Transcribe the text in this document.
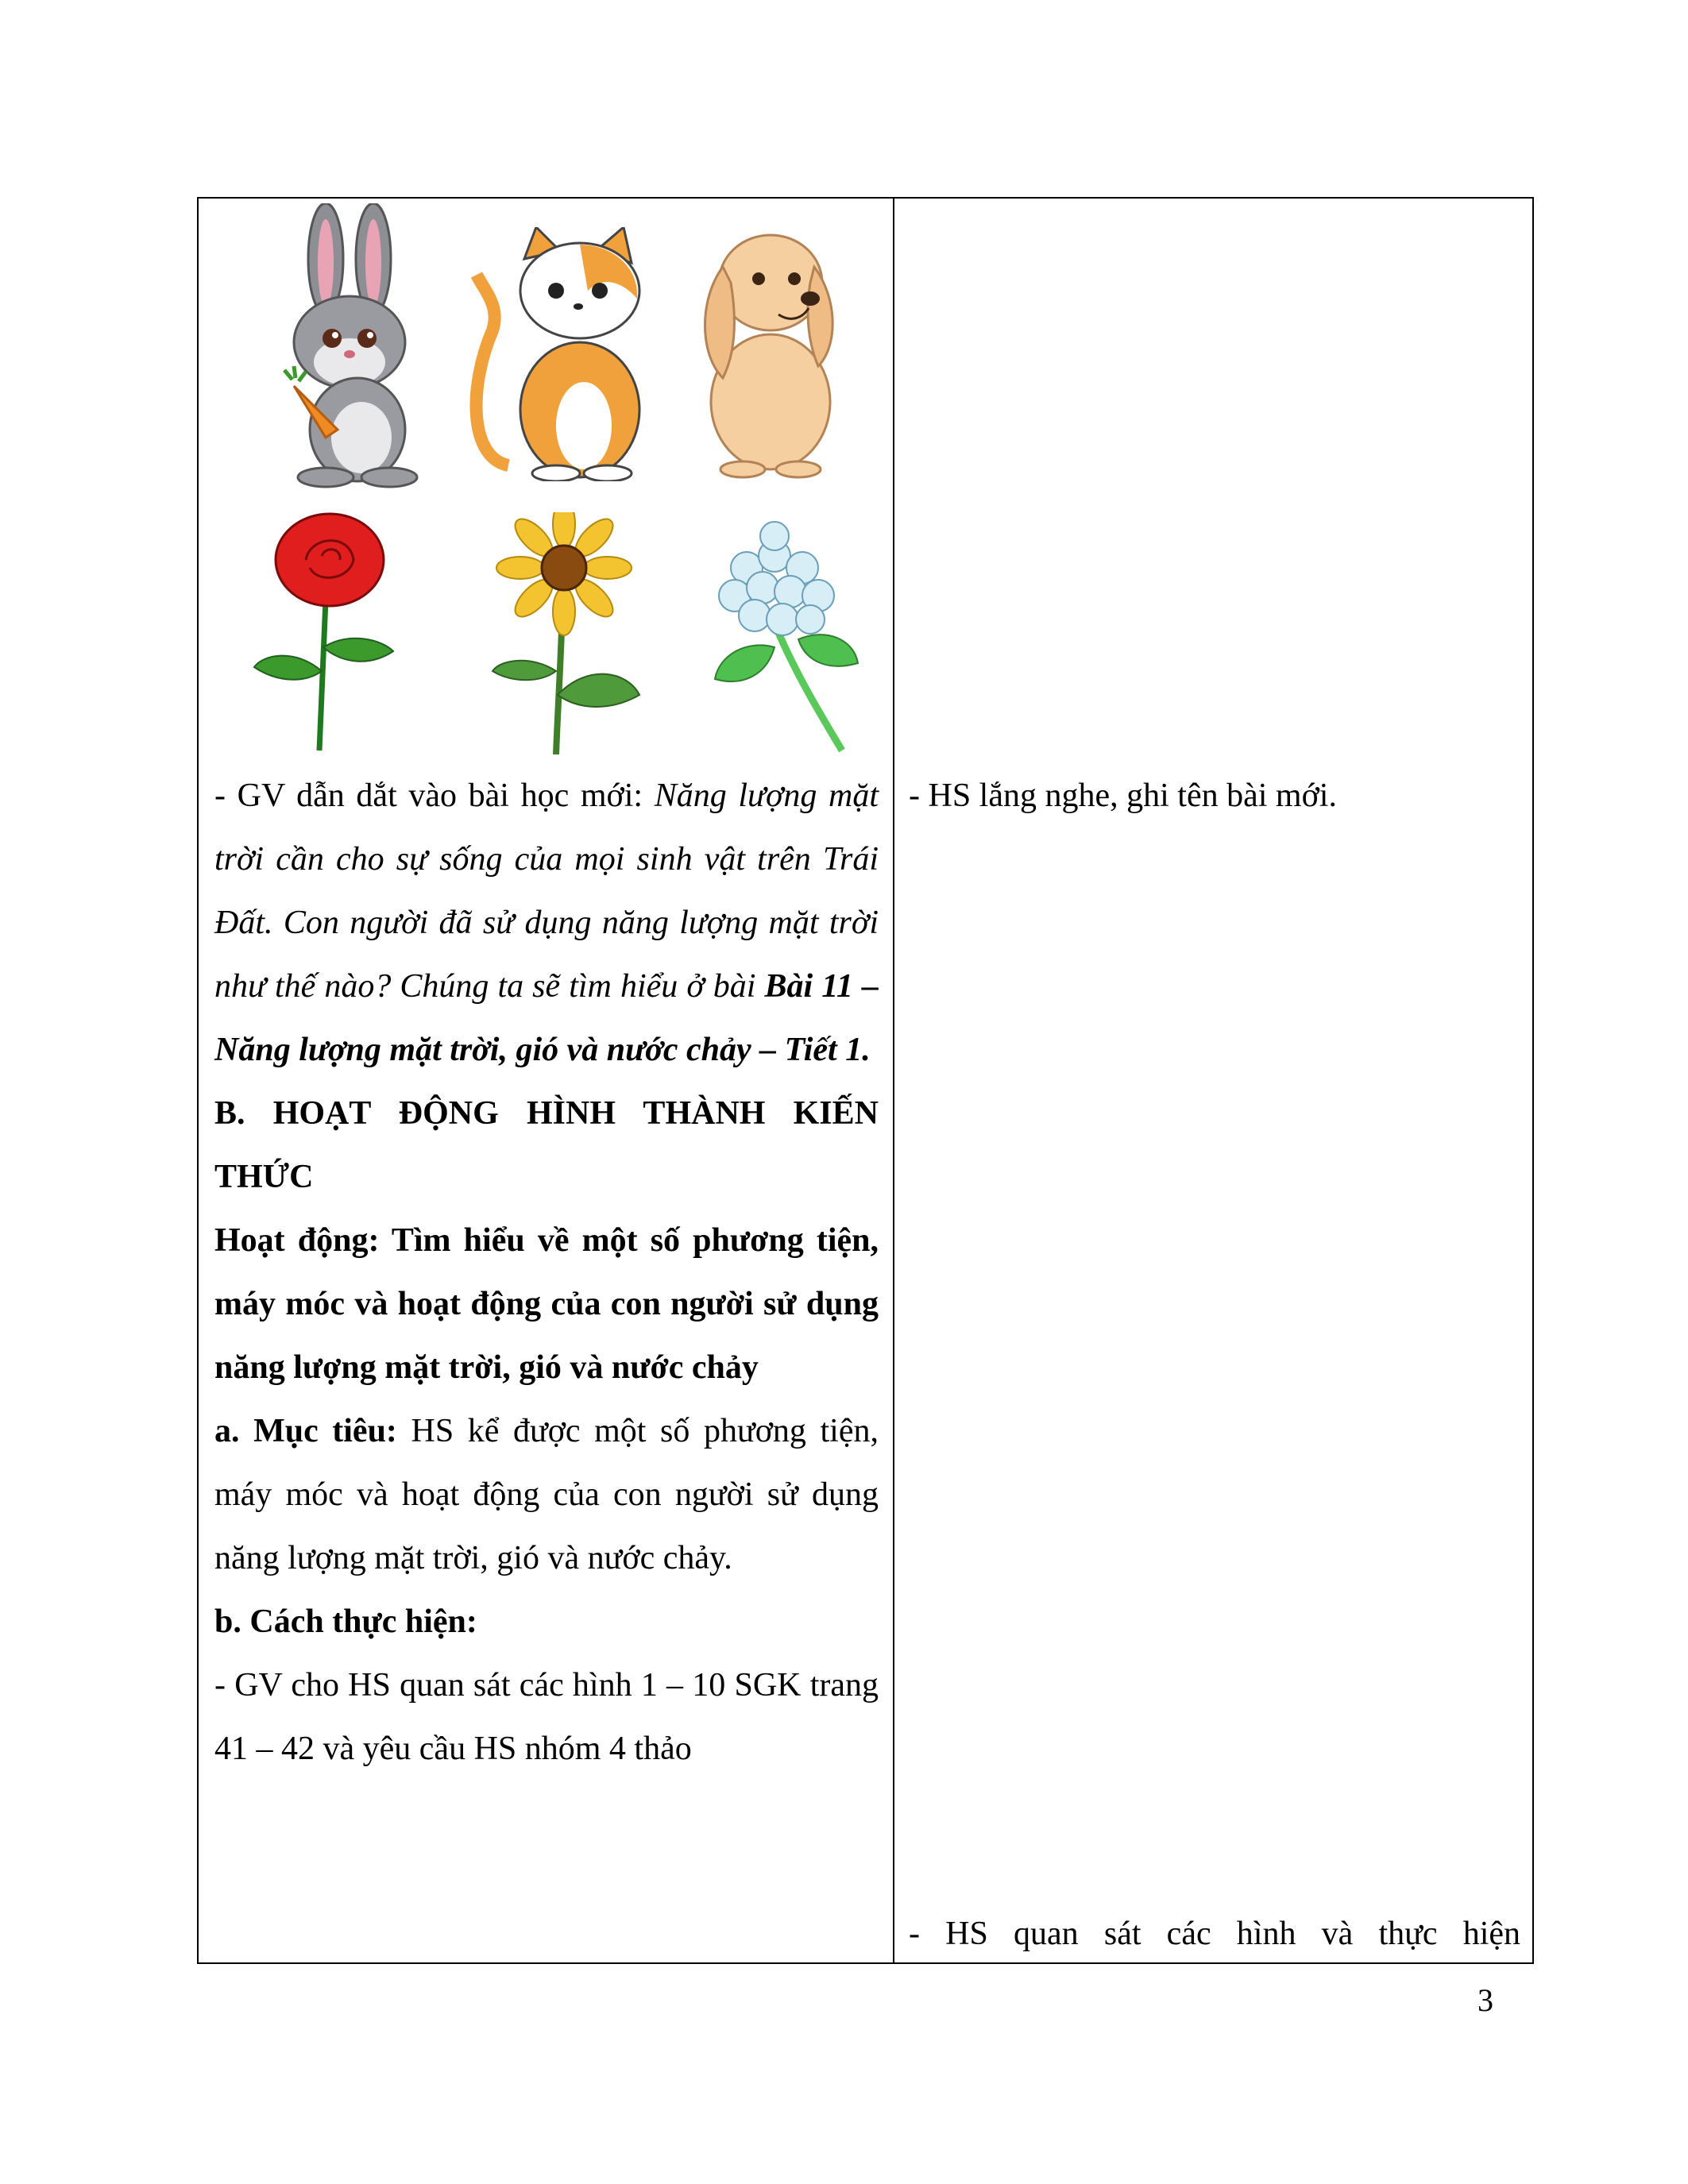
- GV dẫn dắt vào bài học mới: Năng lượng mặt trời cần cho sự sống của mọi sinh vật trên Trái Đất. Con người đã sử dụng năng lượng mặt trời như thế nào? Chúng ta sẽ tìm hiểu ở bài Bài 11 – Năng lượng mặt trời, gió và nước chảy – Tiết 1.

B. HOẠT ĐỘNG HÌNH THÀNH KIẾN THỨC

Hoạt động: Tìm hiểu về một số phương tiện, máy móc và hoạt động của con người sử dụng năng lượng mặt trời, gió và nước chảy

a. Mục tiêu: HS kể được một số phương tiện, máy móc và hoạt động của con người sử dụng năng lượng mặt trời, gió và nước chảy.

b. Cách thực hiện:

- GV cho HS quan sát các hình 1 – 10 SGK trang 41 – 42 và yêu cầu HS nhóm 4 thảo

- HS lắng nghe, ghi tên bài mới.
- HS quan sát các hình và thực hiện
3
